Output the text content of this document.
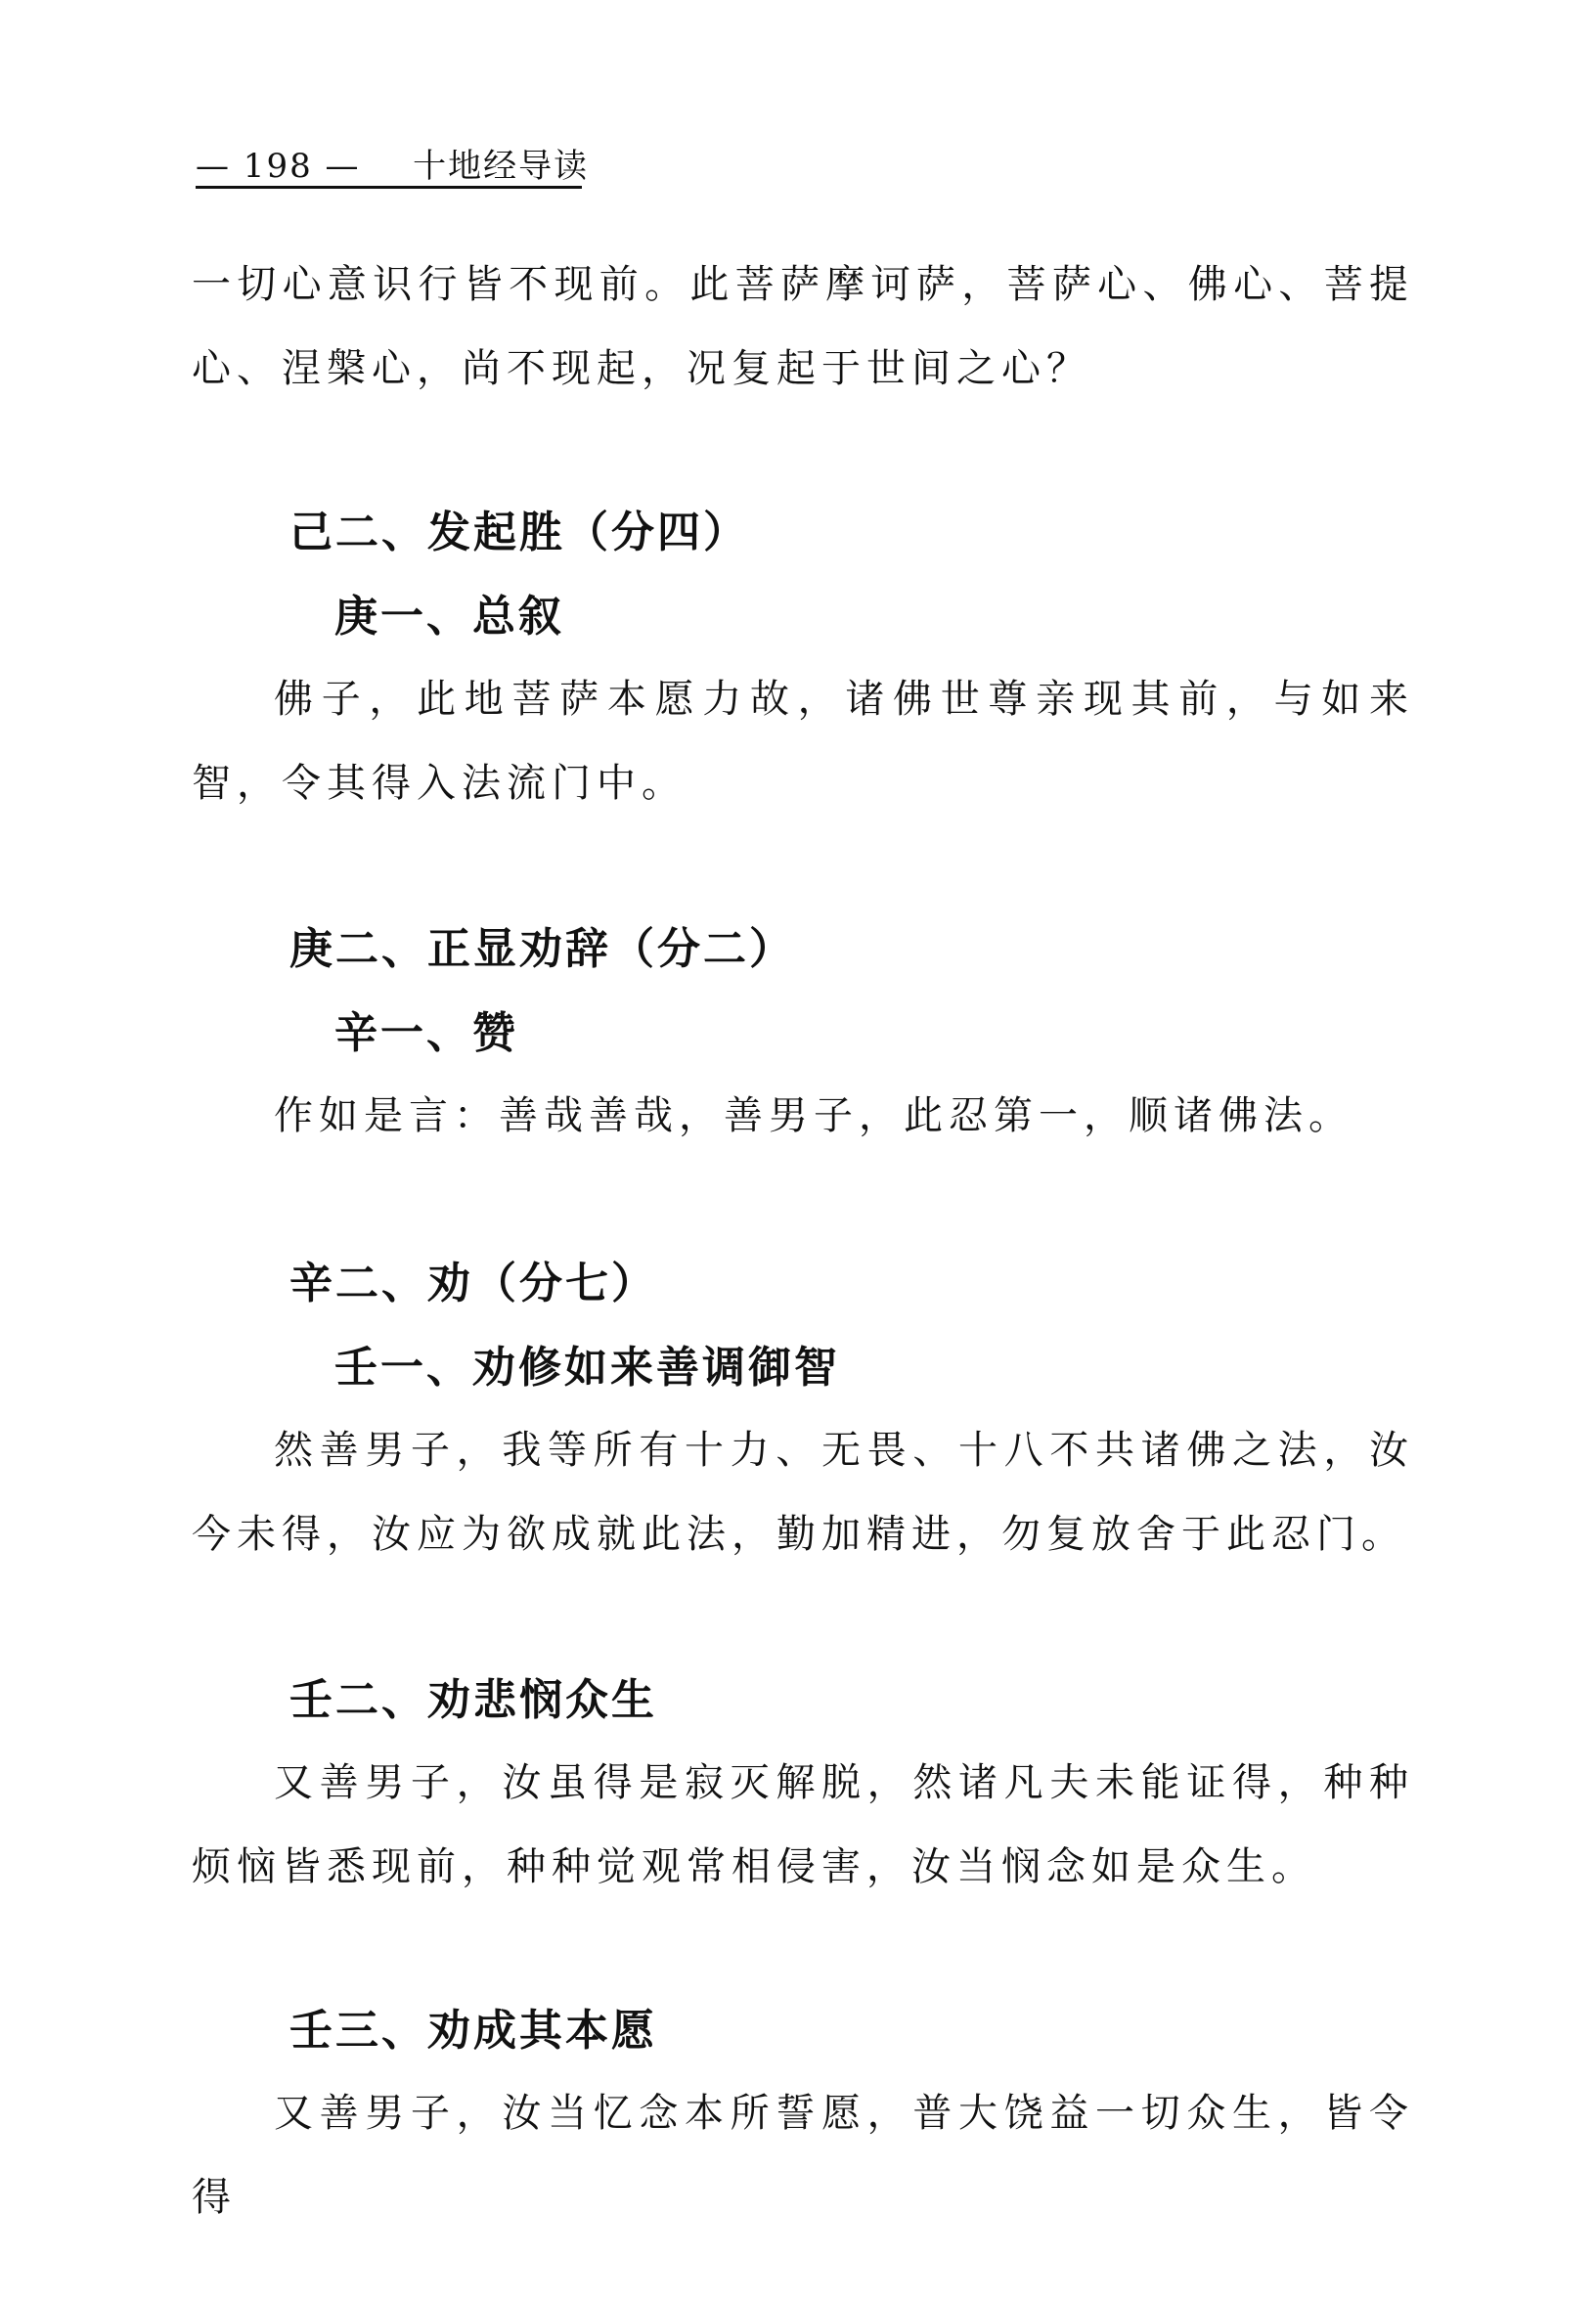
— 198 — 十地经导读
一切心意识行皆不现前。此菩萨摩诃萨，菩萨心、佛心、菩提心、涅槃心，尚不现起，况复起于世间之心？
己二、发起胜（分四）
庚一、总叙
佛子，此地菩萨本愿力故，诸佛世尊亲现其前，与如来智，令其得入法流门中。
庚二、正显劝辞（分二）
辛一、赞
作如是言：善哉善哉，善男子，此忍第一，顺诸佛法。
辛二、劝（分七）
壬一、劝修如来善调御智
然善男子，我等所有十力、无畏、十八不共诸佛之法，汝今未得，汝应为欲成就此法，勤加精进，勿复放舍于此忍门。
壬二、劝悲悯众生
又善男子，汝虽得是寂灭解脱，然诸凡夫未能证得，种种烦恼皆悉现前，种种觉观常相侵害，汝当悯念如是众生。
壬三、劝成其本愿
又善男子，汝当忆念本所誓愿，普大饶益一切众生，皆令得
